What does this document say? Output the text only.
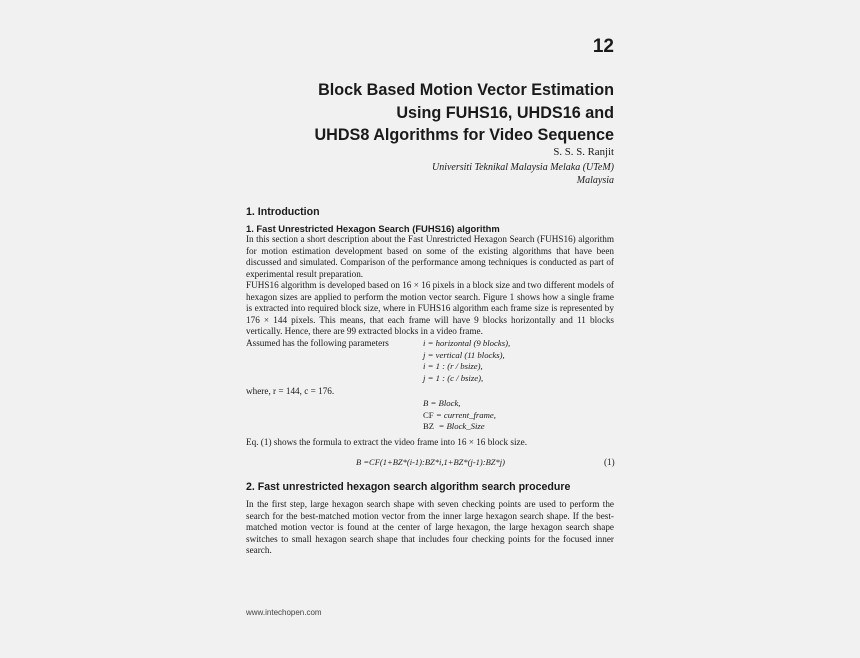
12
Block Based Motion Vector Estimation
Using FUHS16, UHDS16 and
UHDS8 Algorithms for Video Sequence
S. S. S. Ranjit
Universiti Teknikal Malaysia Melaka (UTeM)
Malaysia
1. Introduction
1. Fast Unrestricted Hexagon Search (FUHS16) algorithm

In this section a short description about the Fast Unrestricted Hexagon Search (FUHS16) algorithm for motion estimation development based on some of the existing algorithms that have been discussed and simulated. Comparison of the performance among techniques is conducted as part of experimental result preparation.

FUHS16 algorithm is developed based on 16 × 16 pixels in a block size and two different models of hexagon sizes are applied to perform the motion vector search. Figure 1 shows how a single frame is extracted into required block size, where in FUHS16 algorithm each frame size is represented by 176 × 144 pixels. This means, that each frame will have 9 blocks horizontally and 11 blocks vertically. Hence, there are 99 extracted blocks in a video frame.

Assumed has the following parameters	i = horizontal (9 blocks),
j = vertical (11 blocks),
i = 1 : (r / bsize),
j = 1 : (c / bsize),
where, r = 144, c = 176.
B = Block,
CF = current_frame,
BZ  = Block_Size
Eq. (1) shows the formula to extract the video frame into 16 × 16 block size.
B =CF(1+BZ*(i-1):BZ*i,1+BZ*(j-1):BZ*j)	(1)
2. Fast unrestricted hexagon search algorithm search procedure

In the first step, large hexagon search shape with seven checking points are used to perform the search for the best-matched motion vector from the inner large hexagon search shape. If the best-matched motion vector is found at the center of large hexagon, the large hexagon search shape switches to small hexagon search shape that includes four checking points for the focused inner search.

www.intechopen.com
